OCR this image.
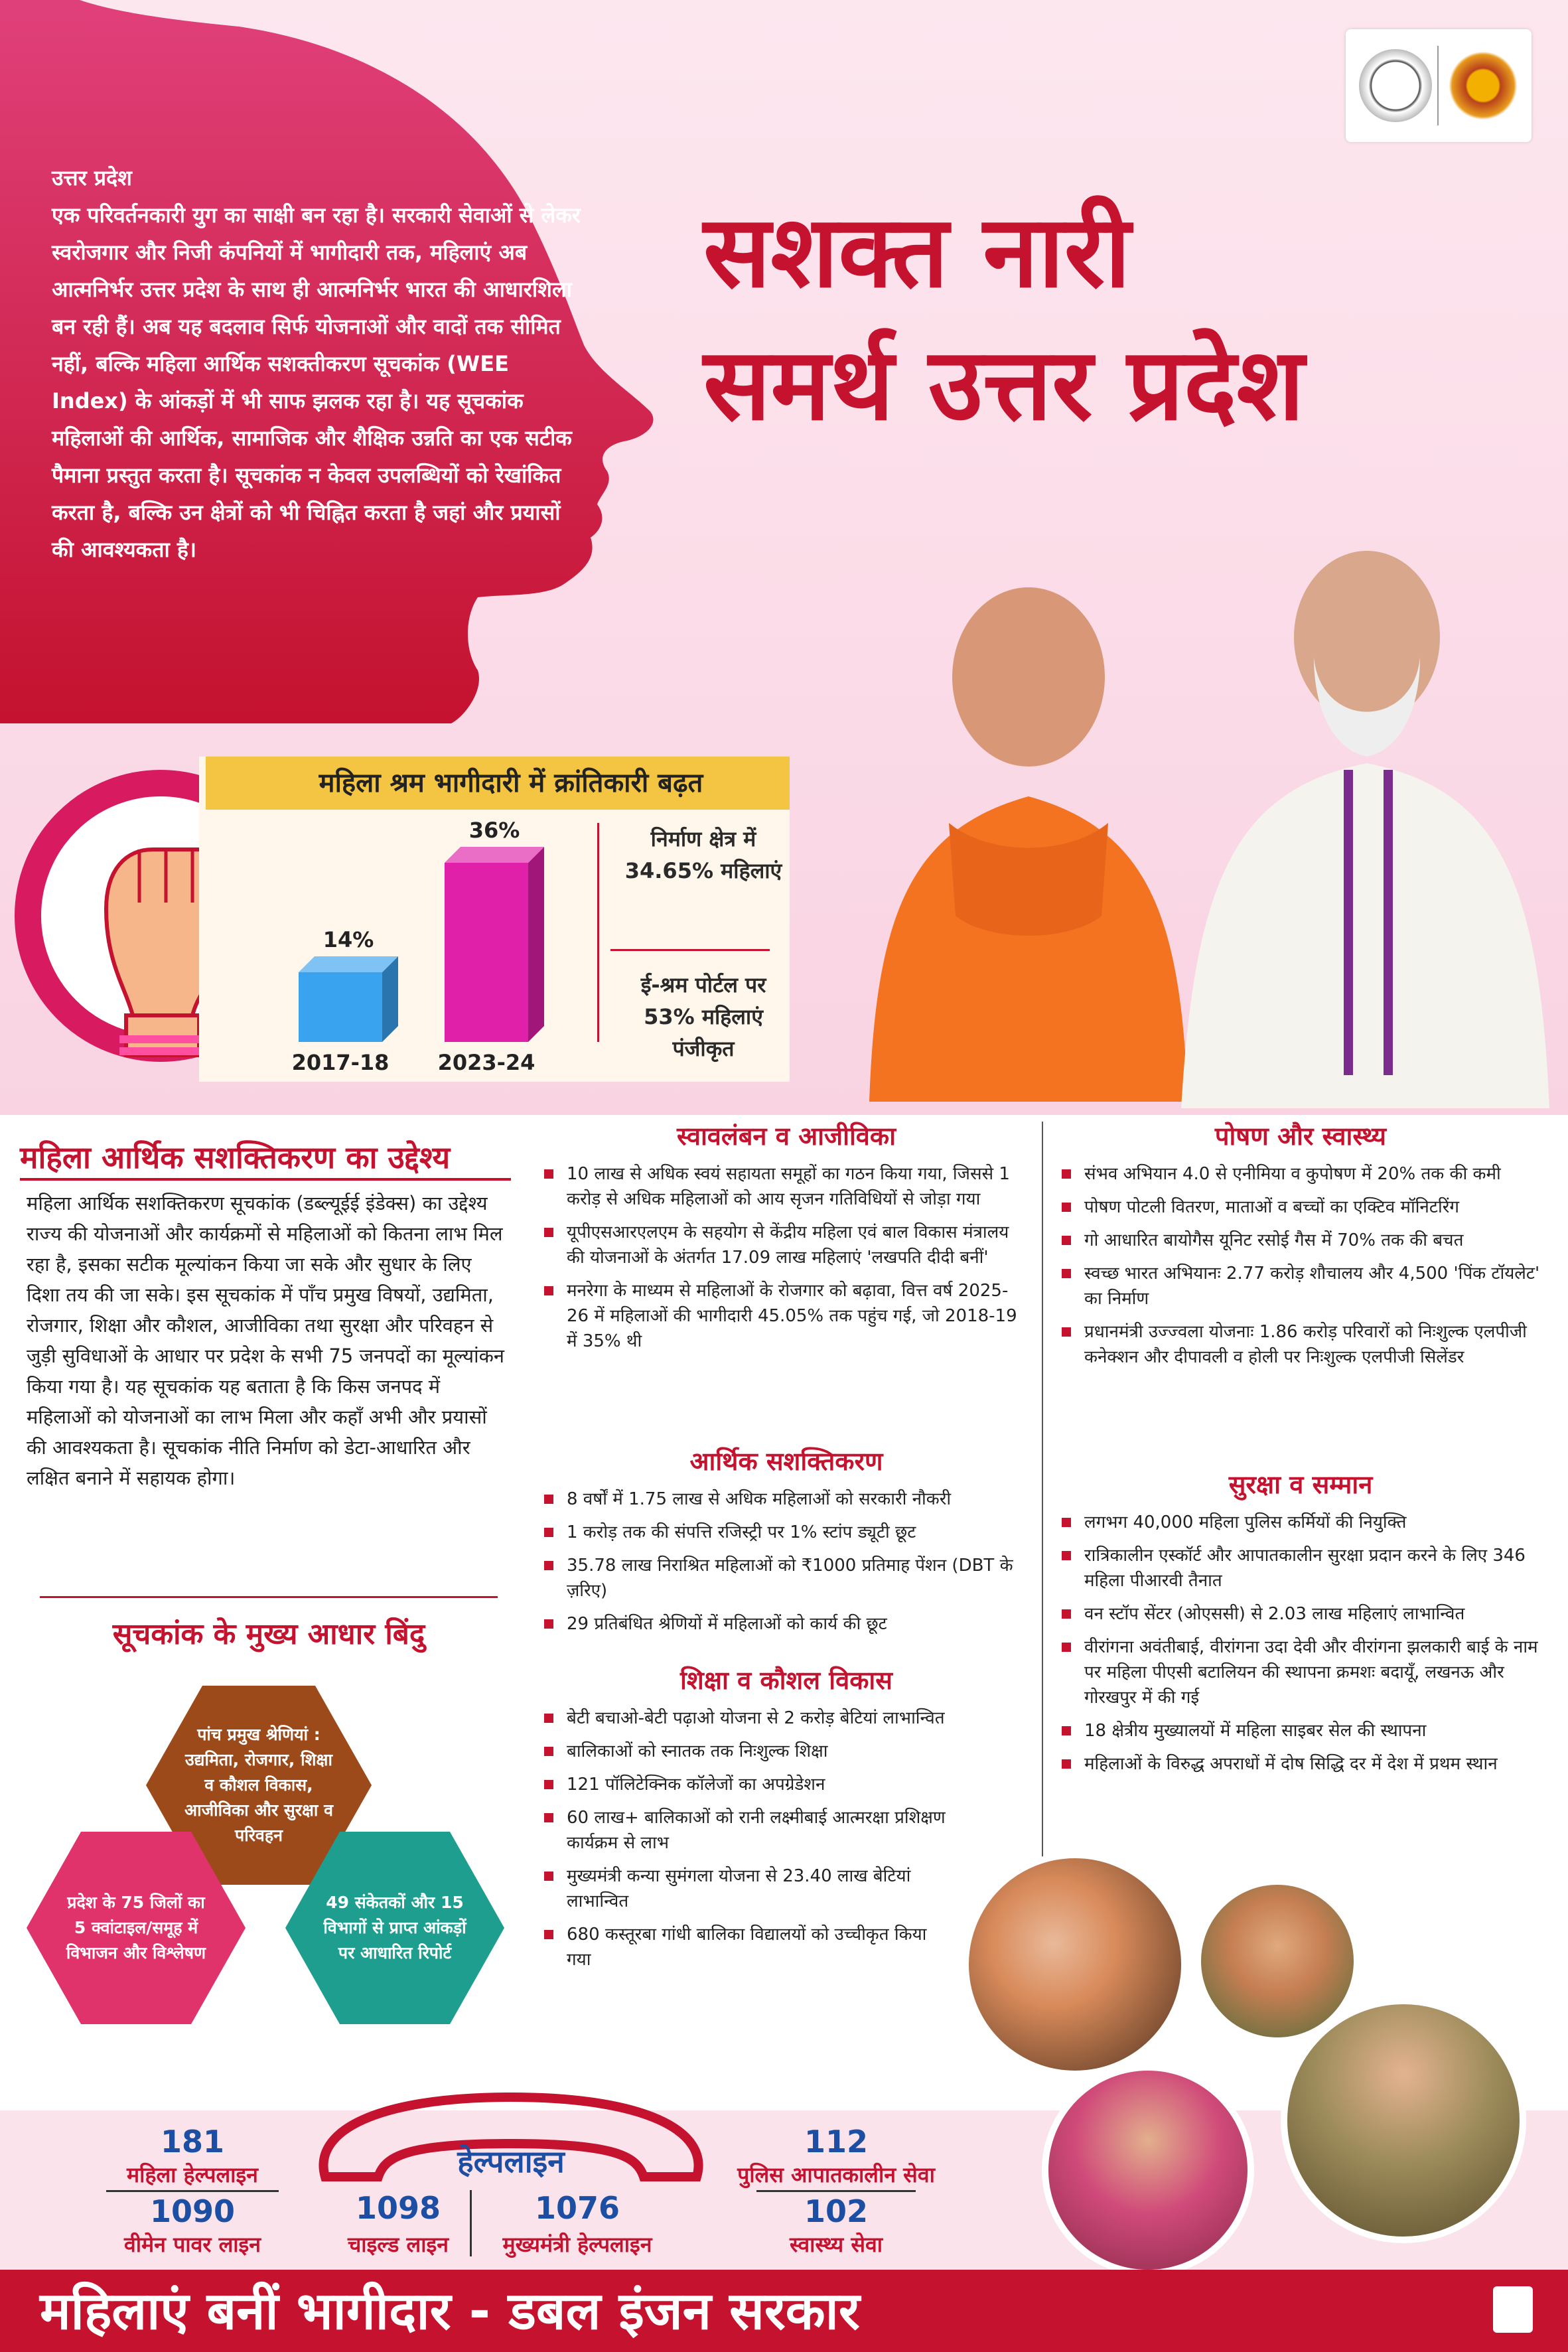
उत्तर प्रदेश
एक परिवर्तनकारी युग का साक्षी बन रहा है। सरकारी सेवाओं से लेकर स्वरोजगार और निजी कंपनियों में भागीदारी तक, महिलाएं अब आत्मनिर्भर उत्तर प्रदेश के साथ ही आत्मनिर्भर भारत की आधारशिला बन रही हैं। अब यह बदलाव सिर्फ योजनाओं और वादों तक सीमित नहीं, बल्कि महिला आर्थिक सशक्तीकरण सूचकांक (WEE Index) के आंकड़ों में भी साफ झलक रहा है। यह सूचकांक महिलाओं की आर्थिक, सामाजिक और शैक्षिक उन्नति का एक सटीक पैमाना प्रस्तुत करता है। सूचकांक न केवल उपलब्धियों को रेखांकित करता है, बल्कि उन क्षेत्रों को भी चिह्नित करता है जहां और प्रयासों की आवश्यकता है।
सशक्त नारी
समर्थ उत्तर प्रदेश
महिला श्रम भागीदारी में क्रांतिकारी बढ़त
14%
2017-18
36%
2023-24
निर्माण क्षेत्र में 34.65% महिलाएं
ई-श्रम पोर्टल पर 53% महिलाएं पंजीकृत
महिला आर्थिक सशक्तिकरण का उद्देश्य
महिला आर्थिक सशक्तिकरण सूचकांक (डब्ल्यूईई इंडेक्स) का उद्देश्य राज्य की योजनाओं और कार्यक्रमों से महिलाओं को कितना लाभ मिल रहा है, इसका सटीक मूल्यांकन किया जा सके और सुधार के लिए दिशा तय की जा सके। इस सूचकांक में पाँच प्रमुख विषयों, उद्यमिता, रोजगार, शिक्षा और कौशल, आजीविका तथा सुरक्षा और परिवहन से जुड़ी सुविधाओं के आधार पर प्रदेश के सभी 75 जनपदों का मूल्यांकन किया गया है। यह सूचकांक यह बताता है कि किस जनपद में महिलाओं को योजनाओं का लाभ मिला और कहाँ अभी और प्रयासों की आवश्यकता है। सूचकांक नीति निर्माण को डेटा-आधारित और लक्षित बनाने में सहायक होगा।
सूचकांक के मुख्य आधार बिंदु
पांच प्रमुख श्रेणियां : उद्यमिता, रोजगार, शिक्षा व कौशल विकास, आजीविका और सुरक्षा व परिवहन
प्रदेश के 75 जिलों का 5 क्वांटाइल/समूह में विभाजन और विश्लेषण
49 संकेतकों और 15 विभागों से प्राप्त आंकड़ों पर आधारित रिपोर्ट
स्वावलंबन व आजीविका
10 लाख से अधिक स्वयं सहायता समूहों का गठन किया गया, जिससे 1 करोड़ से अधिक महिलाओं को आय सृजन गतिविधियों से जोड़ा गया
यूपीएसआरएलएम के सहयोग से केंद्रीय महिला एवं बाल विकास मंत्रालय की योजनाओं के अंतर्गत 17.09 लाख महिलाएं 'लखपति दीदी बनीं'
मनरेगा के माध्यम से महिलाओं के रोजगार को बढ़ावा, वित्त वर्ष 2025-26 में महिलाओं की भागीदारी 45.05% तक पहुंच गई, जो 2018-19 में 35% थी
आर्थिक सशक्तिकरण
8 वर्षों में 1.75 लाख से अधिक महिलाओं को सरकारी नौकरी
1 करोड़ तक की संपत्ति रजिस्ट्री पर 1% स्टांप ड्यूटी छूट
35.78 लाख निराश्रित महिलाओं को ₹1000 प्रतिमाह पेंशन (DBT के ज़रिए)
29 प्रतिबंधित श्रेणियों में महिलाओं को कार्य की छूट
शिक्षा व कौशल विकास
बेटी बचाओ-बेटी पढ़ाओ योजना से 2 करोड़ बेटियां लाभान्वित
बालिकाओं को स्नातक तक निःशुल्क शिक्षा
121 पॉलिटेक्निक कॉलेजों का अपग्रेडेशन
60 लाख+ बालिकाओं को रानी लक्ष्मीबाई आत्मरक्षा प्रशिक्षण कार्यक्रम से लाभ
मुख्यमंत्री कन्या सुमंगला योजना से 23.40 लाख बेटियां लाभान्वित
680 कस्तूरबा गांधी बालिका विद्यालयों को उच्चीकृत किया गया
पोषण और स्वास्थ्य
संभव अभियान 4.0 से एनीमिया व कुपोषण में 20% तक की कमी
पोषण पोटली वितरण, माताओं व बच्चों का एक्टिव मॉनिटरिंग
गो आधारित बायोगैस यूनिट रसोई गैस में 70% तक की बचत
स्वच्छ भारत अभियानः 2.77 करोड़ शौचालय और 4,500 'पिंक टॉयलेट' का निर्माण
प्रधानमंत्री उज्ज्वला योजनाः 1.86 करोड़ परिवारों को निःशुल्क एलपीजी कनेक्शन और दीपावली व होली पर निःशुल्क एलपीजी सिलेंडर
सुरक्षा व सम्मान
लगभग 40,000 महिला पुलिस कर्मियों की नियुक्ति
रात्रिकालीन एस्कॉर्ट और आपातकालीन सुरक्षा प्रदान करने के लिए 346 महिला पीआरवी तैनात
वन स्टॉप सेंटर (ओएससी) से 2.03 लाख महिलाएं लाभान्वित
वीरांगना अवंतीबाई, वीरांगना उदा देवी और वीरांगना झलकारी बाई के नाम पर महिला पीएसी बटालियन की स्थापना क्रमशः बदायूँ, लखनऊ और गोरखपुर में की गई
18 क्षेत्रीय मुख्यालयों में महिला साइबर सेल की स्थापना
महिलाओं के विरुद्ध अपराधों में दोष सिद्धि दर में देश में प्रथम स्थान
हेल्पलाइन
181
महिला हेल्पलाइन
1090
वीमेन पावर लाइन
1098
चाइल्ड लाइन
1076
मुख्यमंत्री हेल्पलाइन
112
पुलिस आपातकालीन सेवा
102
स्वास्थ्य सेवा
महिलाएं बनीं भागीदार - डबल इंजन सरकार
